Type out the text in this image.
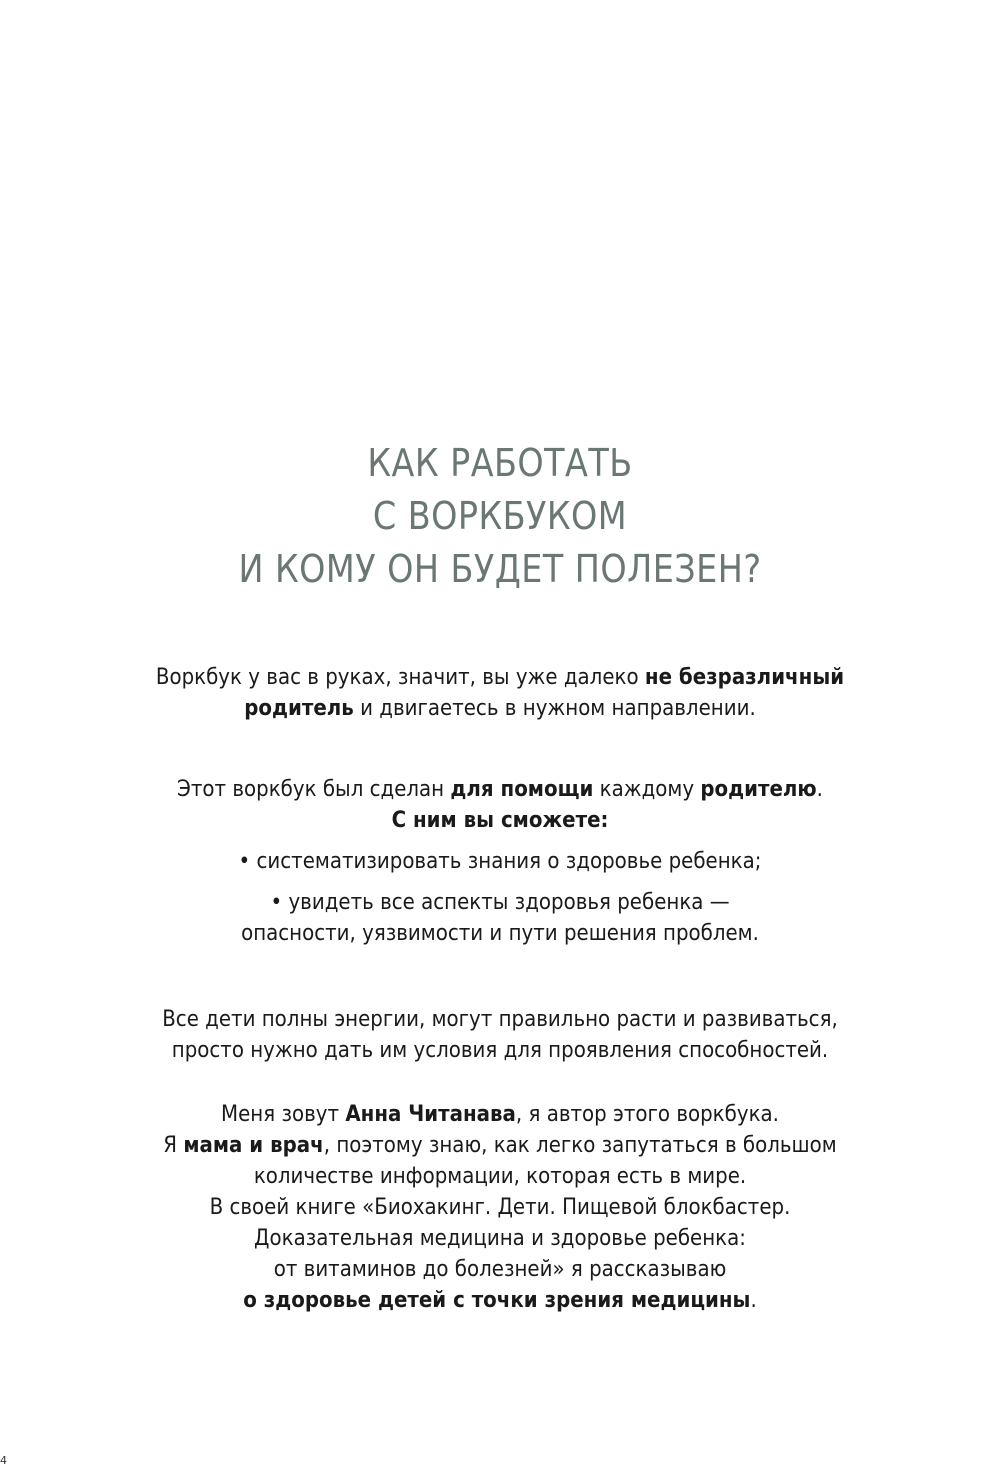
КАК РАБОТАТЬ
С ВОРКБУКОМ
И КОМУ ОН БУДЕТ ПОЛЕЗЕН?
Воркбук у вас в руках, значит, вы уже далеко не безразличный
родитель и двигаетесь в нужном направлении.
Этот воркбук был сделан для помощи каждому родителю.
С ним вы сможете:
• систематизировать знания о здоровье ребенка;
• увидеть все аспекты здоровья ребенка —
опасности, уязвимости и пути решения проблем.
Все дети полны энергии, могут правильно расти и развиваться,
просто нужно дать им условия для проявления способностей.
Меня зовут Анна Читанава, я автор этого воркбука.
Я мама и врач, поэтому знаю, как легко запутаться в большом
количестве информации, которая есть в мире.
В своей книге «Биохакинг. Дети. Пищевой блокбастер.
Доказательная медицина и здоровье ребенка:
от витаминов до болезней» я рассказываю
о здоровье детей с точки зрения медицины.
4
